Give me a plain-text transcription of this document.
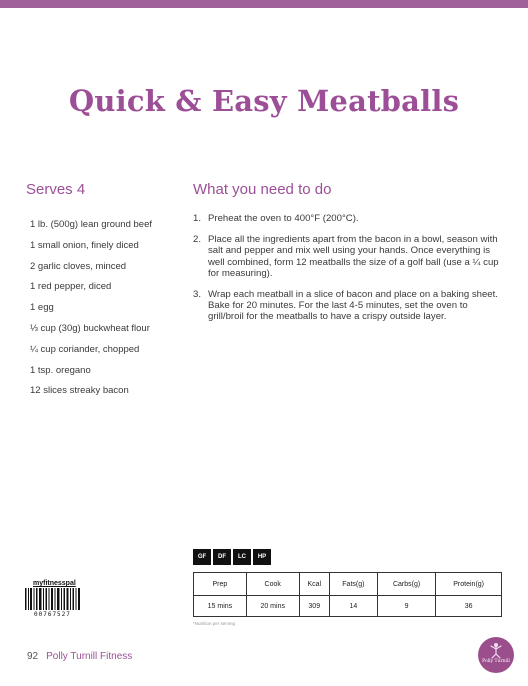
Quick & Easy Meatballs
Serves 4	What you need to do
1 lb. (500g) lean ground beef
1 small onion, finely diced
2 garlic cloves, minced
1 red pepper, diced
1 egg
⅓ cup (30g) buckwheat flour
¼ cup coriander, chopped
1 tsp. oregano
12 slices streaky bacon
1. Preheat the oven to 400°F (200°C).
2. Place all the ingredients apart from the bacon in a bowl, season with salt and pepper and mix well using your hands. Once everything is well combined, form 12 meatballs the size of a golf ball (use a ¼ cup for measuring).
3. Wrap each meatball in a slice of bacon and place on a baking sheet. Bake for 20 minutes. For the last 4-5 minutes, set the oven to grill/broil for the meatballs to have a crispy outside layer.
myfitnesspal
00767527
GF	DF	LC	HP
Prep	Cook	Kcal	Fats(g)	Carbs(g)	Protein(g)
15 mins	20 mins	309	14	9	36
*Nutrition per serving
92 Polly Turnill Fitness	Polly Turnill
